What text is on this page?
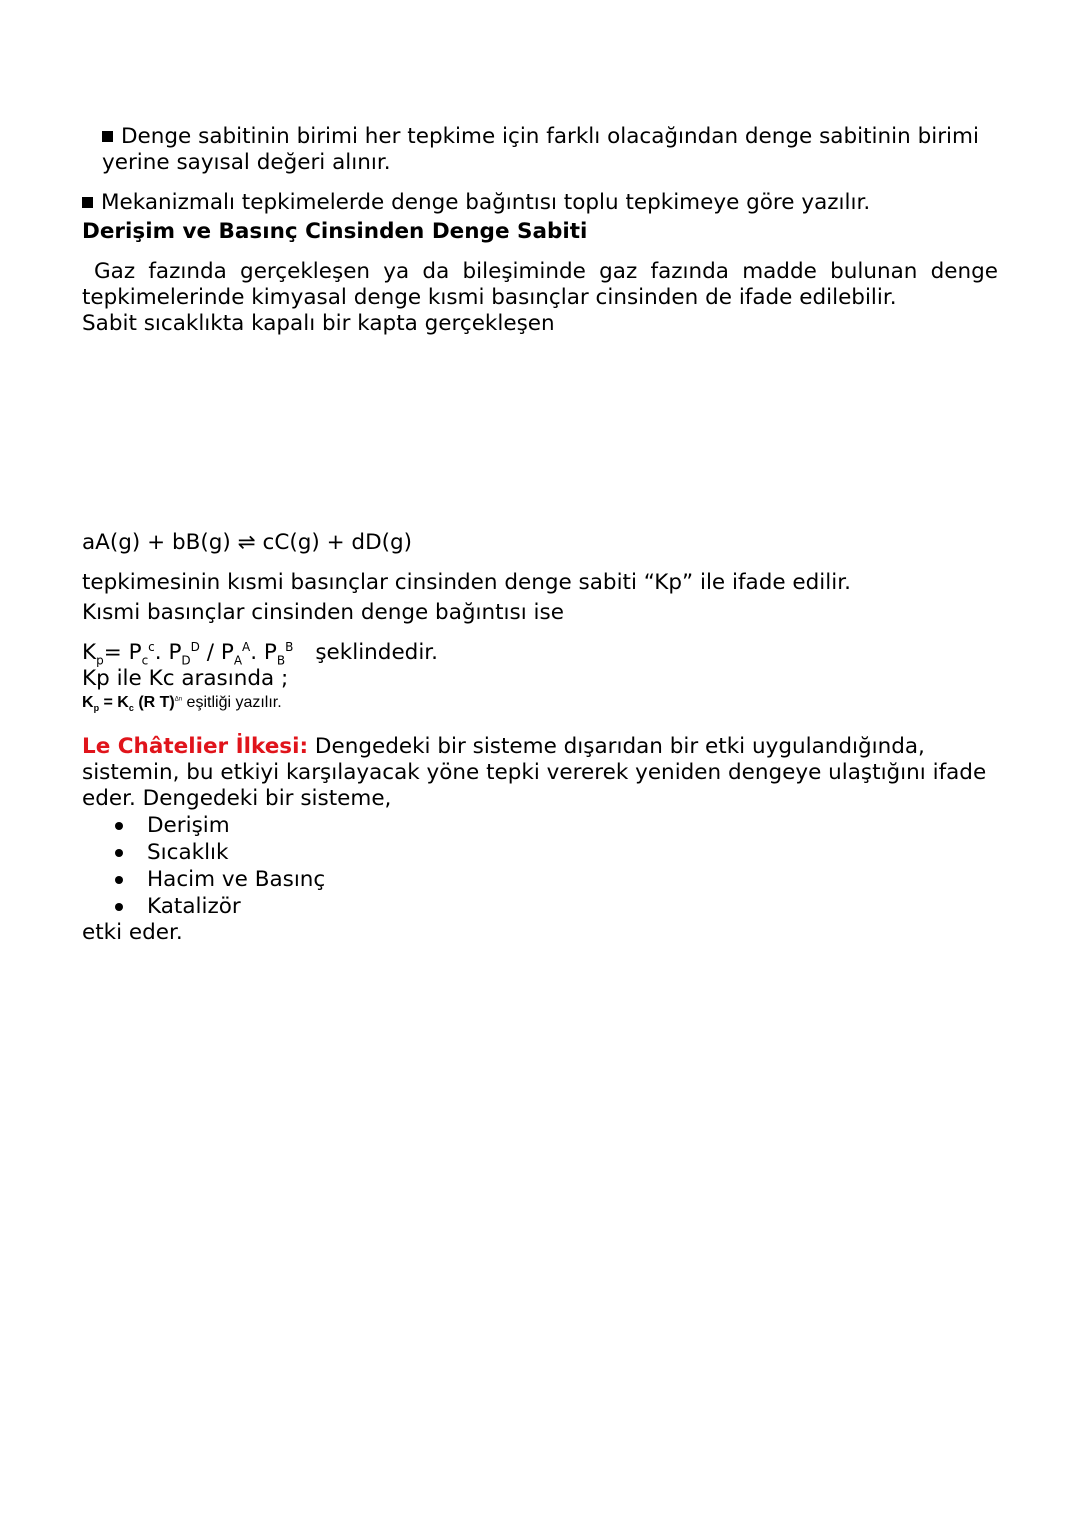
Denge sabitinin birimi her tepkime için farklı olacağından denge sabitinin birimi
yerine sayısal değeri alınır.
Mekanizmalı tepkimelerde denge bağıntısı toplu tepkimeye göre yazılır.
Derişim ve Basınç Cinsinden Denge Sabiti
Gaz fazında gerçekleşen ya da bileşiminde gaz fazında madde bulunan denge
tepkimelerinde kimyasal denge kısmi basınçlar cinsinden de ifade edilebilir.
Sabit sıcaklıkta kapalı bir kapta gerçekleşen
aA(g) + bB(g) ⇌ cC(g) + dD(g)
tepkimesinin kısmi basınçlar cinsinden denge sabiti “Kp” ile ifade edilir.
Kısmi basınçlar cinsinden denge bağıntısı ise
$K_p= P_c^c$. $P_D^D / P_A^A$. $P_B^B$ şeklindedir.
Kp ile Kc arasında ;
$K_p = K_c$ (R T)$^{\Delta n}$ eşitliği yazılır.
Le Châtelier İlkesi: Dengedeki bir sisteme dışarıdan bir etki uygulandığında,
sistemin, bu etkiyi karşılayacak yöne tepki vererek yeniden dengeye ulaştığını ifade
eder. Dengedeki bir sisteme,
Derişim
Sıcaklık
Hacim ve Basınç
Katalizör
etki eder.
